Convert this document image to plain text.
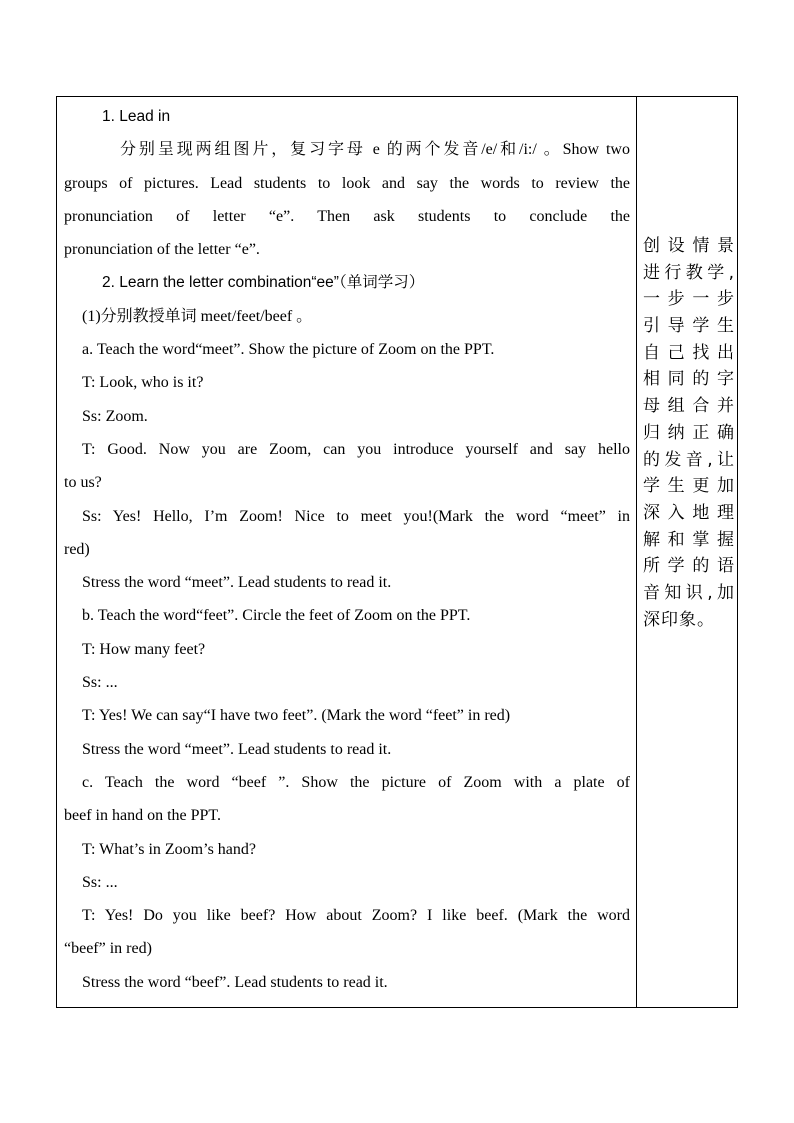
1. Lead in
分别呈现两组图片，复习字母 e 的两个发音/e/和/i:/ 。Show two
groups of pictures. Lead students to look and say the words to review the
pronunciation of letter “e”. Then ask students to conclude the
pronunciation of the letter “e”.
2. Learn the letter combination“ee”（单词学习）
(1)分别教授单词 meet/feet/beef 。
a. Teach the word“meet”. Show the picture of Zoom on the PPT.
T: Look, who is it?
Ss: Zoom.
T: Good. Now you are Zoom, can you introduce yourself and say hello
to us?
Ss: Yes! Hello, I’m Zoom! Nice to meet you!(Mark the word “meet” in
red)
Stress the word “meet”. Lead students to read it.
b. Teach the word“feet”. Circle the feet of Zoom on the PPT.
T: How many feet?
Ss: ...
T: Yes! We can say“I have two feet”. (Mark the word “feet” in red)
Stress the word “meet”. Lead students to read it.
c. Teach the word “beef ”. Show the picture of Zoom with a plate of
beef in hand on the PPT.
T: What’s in Zoom’s hand?
Ss: ...
T: Yes! Do you like beef? How about Zoom? I like beef. (Mark the word
“beef” in red)
Stress the word “beef”. Lead students to read it.
创设情景
进行教学,
一步一步
引导学生
自己找出
相同的字
母组合并
归纳正确
的发音,让
学生更加
深入地理
解和掌握
所学的语
音知识,加
深印象。
